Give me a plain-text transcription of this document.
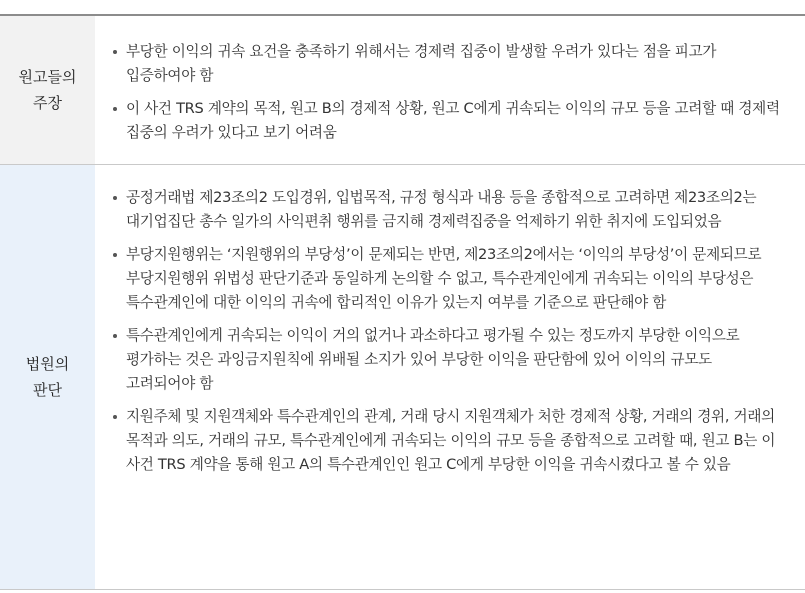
원고들의
주장
부당한 이익의 귀속 요건을 충족하기 위해서는 경제력 집중이 발생할 우려가 있다는 점을 피고가 입증하여야 함
이 사건 TRS 계약의 목적, 원고 B의 경제적 상황, 원고 C에게 귀속되는 이익의 규모 등을 고려할 때 경제력 집중의 우려가 있다고 보기 어려움
법원의
판단
공정거래법 제23조의2 도입경위, 입법목적, 규정 형식과 내용 등을 종합적으로 고려하면 제23조의2는 대기업집단 총수 일가의 사익편취 행위를 금지해 경제력집중을 억제하기 위한 취지에 도입되었음
부당지원행위는 ‘지원행위의 부당성’이 문제되는 반면, 제23조의2에서는 ‘이익의 부당성’이 문제되므로 부당지원행위 위법성 판단기준과 동일하게 논의할 수 없고, 특수관계인에게 귀속되는 이익의 부당성은 특수관계인에 대한 이익의 귀속에 합리적인 이유가 있는지 여부를 기준으로 판단해야 함
특수관계인에게 귀속되는 이익이 거의 없거나 과소하다고 평가될 수 있는 정도까지 부당한 이익으로 평가하는 것은 과잉금지원칙에 위배될 소지가 있어 부당한 이익을 판단함에 있어 이익의 규모도 고려되어야 함
지원주체 및 지원객체와 특수관계인의 관계, 거래 당시 지원객체가 처한 경제적 상황, 거래의 경위, 거래의 목적과 의도, 거래의 규모, 특수관계인에게 귀속되는 이익의 규모 등을 종합적으로 고려할 때, 원고 B는 이 사건 TRS 계약을 통해 원고 A의 특수관계인인 원고 C에게 부당한 이익을 귀속시켰다고 볼 수 있음
